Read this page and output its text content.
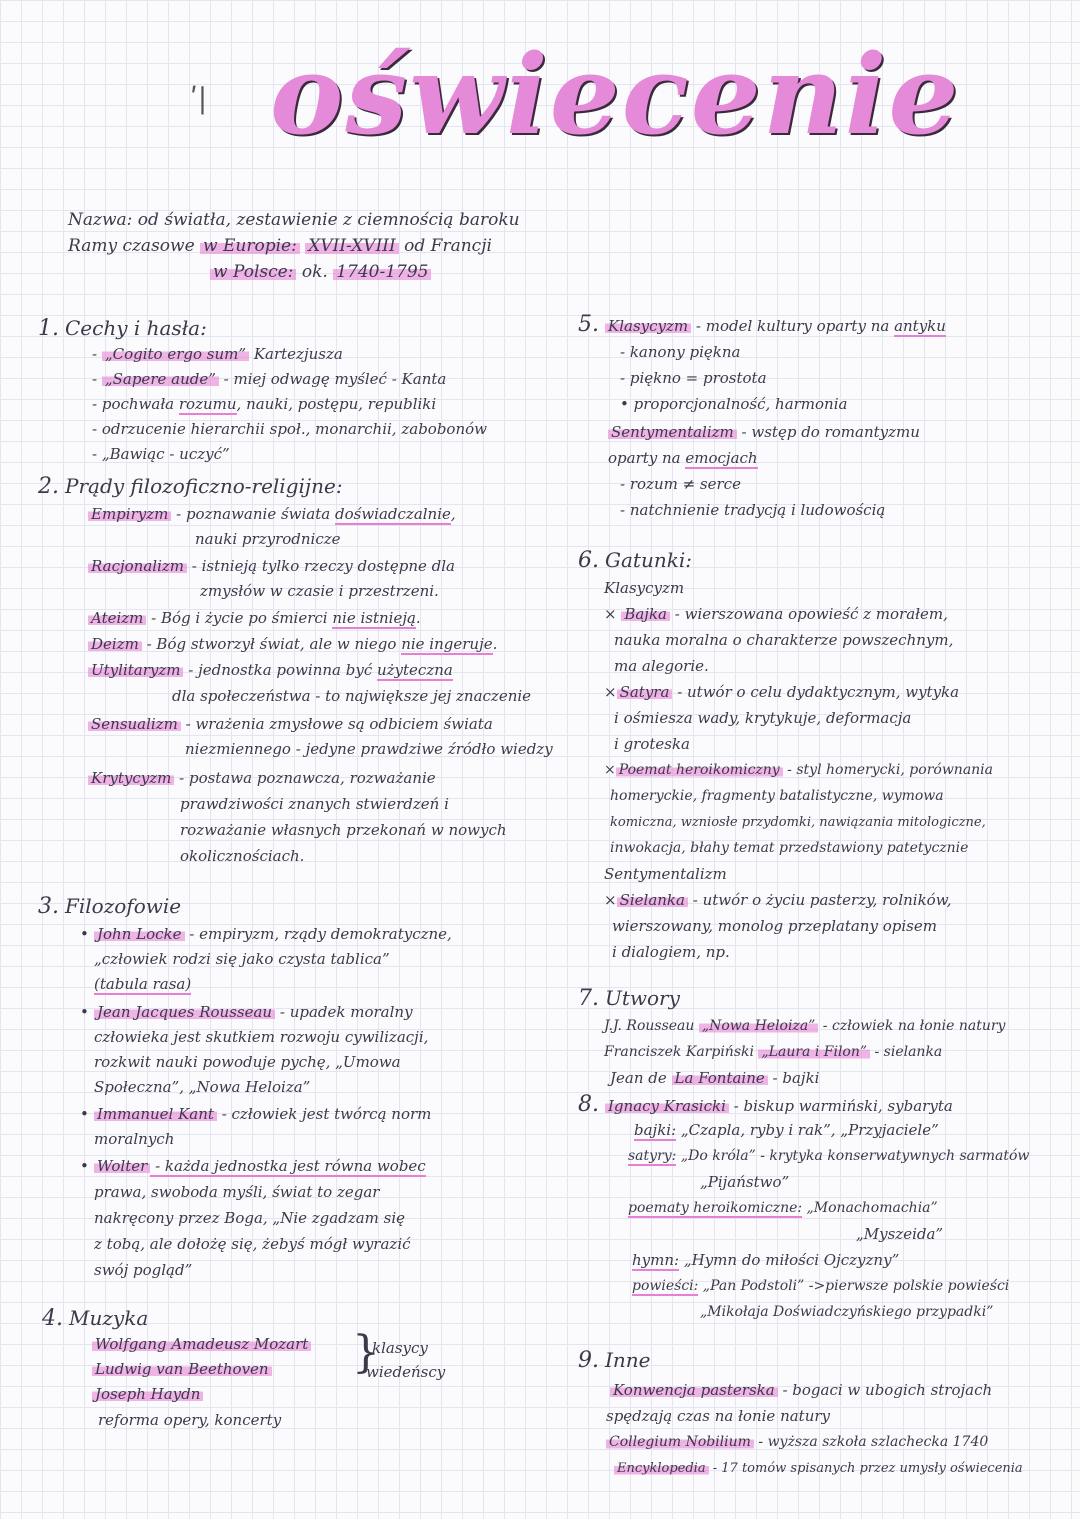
ʹ| oświecenie
Nazwa: od światła, zestawienie z ciemnością baroku
Ramy czasowe w Europie: XVII-XVIII od Francji
w Polsce: ok. 1740-1795
1. Cechy i hasła:
- „Cogito ergo sum” Kartezjusza
- „Sapere aude” - miej odwagę myśleć - Kanta
- pochwała rozumu, nauki, postępu, republiki
- odrzucenie hierarchii społ., monarchii, zabobonów
- „Bawiąc - uczyć”
2. Prądy filozoficzno-religijne:
Empiryzm - poznawanie świata doświadczalnie,
nauki przyrodnicze
Racjonalizm - istnieją tylko rzeczy dostępne dla
zmysłów w czasie i przestrzeni.
Ateizm - Bóg i życie po śmierci nie istnieją.
Deizm - Bóg stworzył świat, ale w niego nie ingeruje.
Utylitaryzm - jednostka powinna być użyteczna
dla społeczeństwa - to największe jej znaczenie
Sensualizm - wrażenia zmysłowe są odbiciem świata
niezmiennego - jedyne prawdziwe źródło wiedzy
Krytycyzm - postawa poznawcza, rozważanie
prawdziwości znanych stwierdzeń i
rozważanie własnych przekonań w nowych
okolicznościach.
3. Filozofowie
• John Locke - empiryzm, rządy demokratyczne,
„człowiek rodzi się jako czysta tablica”
(tabula rasa)
• Jean Jacques Rousseau - upadek moralny
człowieka jest skutkiem rozwoju cywilizacji,
rozkwit nauki powoduje pychę, „Umowa
Społeczna”, „Nowa Heloiza”
• Immanuel Kant - człowiek jest twórcą norm
moralnych
• Wolter - każda jednostka jest równa wobec
prawa, swoboda myśli, świat to zegar
nakręcony przez Boga, „Nie zgadzam się
z tobą, ale dołożę się, żebyś mógł wyrazić
swój pogląd”
4. Muzyka
Wolfgang Amadeusz Mozart
Ludwig van Beethoven
Joseph Haydn
}
klasycy
wiedeńscy
reforma opery, koncerty
5. Klasycyzm - model kultury oparty na antyku
- kanony piękna
- piękno = prostota
• proporcjonalność, harmonia
Sentymentalizm - wstęp do romantyzmu
oparty na emocjach
- rozum ≠ serce
- natchnienie tradycją i ludowością
6. Gatunki:
Klasycyzm
× Bajka - wierszowana opowieść z morałem,
nauka moralna o charakterze powszechnym,
ma alegorie.
× Satyra - utwór o celu dydaktycznym, wytyka
i ośmiesza wady, krytykuje, deformacja
i groteska
× Poemat heroikomiczny - styl homerycki, porównania
homeryckie, fragmenty batalistyczne, wymowa
komiczna, wzniosłe przydomki, nawiązania mitologiczne,
inwokacja, błahy temat przedstawiony patetycznie
Sentymentalizm
× Sielanka - utwór o życiu pasterzy, rolników,
wierszowany, monolog przeplatany opisem
i dialogiem, np.
7. Utwory
J.J. Rousseau „Nowa Heloiza” - człowiek na łonie natury
Franciszek Karpiński „Laura i Filon” - sielanka
Jean de La Fontaine - bajki
8. Ignacy Krasicki - biskup warmiński, sybaryta
bajki: „Czapla, ryby i rak”, „Przyjaciele”
satyry: „Do króla” - krytyka konserwatywnych sarmatów
„Pijaństwo”
poematy heroikomiczne: „Monachomachia”
„Myszeida”
hymn: „Hymn do miłości Ojczyzny”
powieści: „Pan Podstoli” ->pierwsze polskie powieści
„Mikołaja Doświadczyńskiego przypadki”
9. Inne
Konwencja pasterska - bogaci w ubogich strojach
spędzają czas na łonie natury
Collegium Nobilium - wyższa szkoła szlachecka 1740
Encyklopedia - 17 tomów spisanych przez umysły oświecenia
